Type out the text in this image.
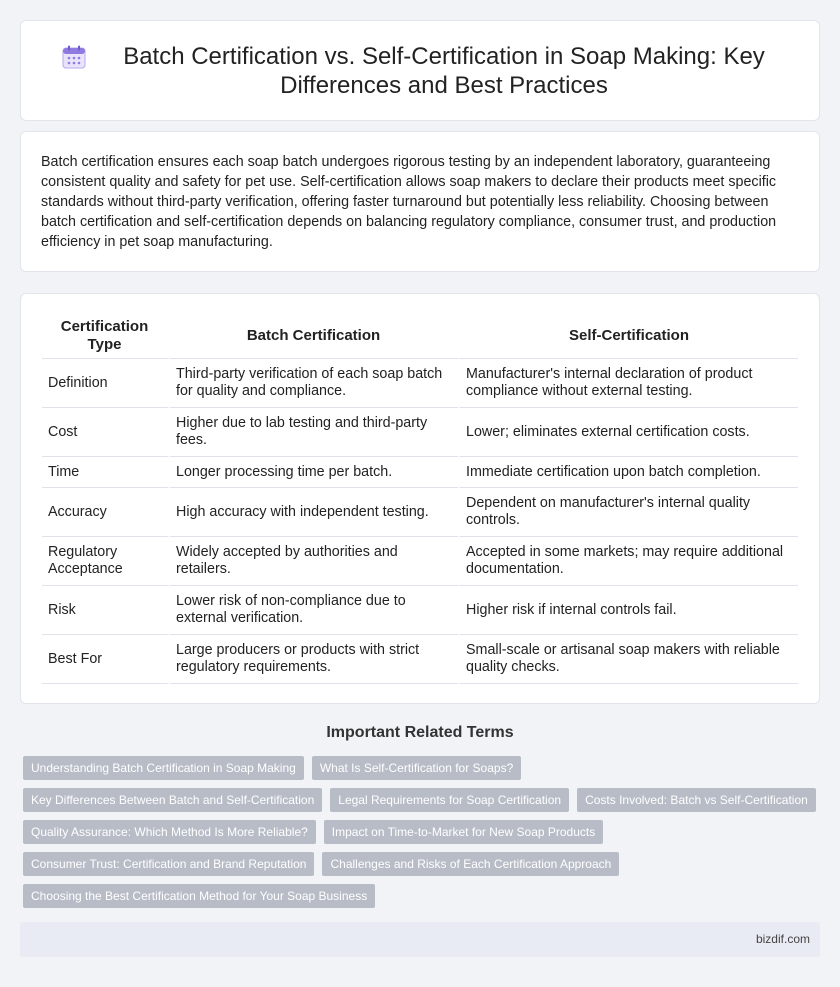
Batch Certification vs. Self-Certification in Soap Making: Key Differences and Best Practices

Batch certification ensures each soap batch undergoes rigorous testing by an independent laboratory, guaranteeing consistent quality and safety for pet use. Self-certification allows soap makers to declare their products meet specific standards without third-party verification, offering faster turnaround but potentially less reliability. Choosing between batch certification and self-certification depends on balancing regulatory compliance, consumer trust, and production efficiency in pet soap manufacturing.

Certification Type	Batch Certification	Self-Certification
Definition	Third-party verification of each soap batch for quality and compliance.	Manufacturer's internal declaration of product compliance without external testing.
Cost	Higher due to lab testing and third-party fees.	Lower; eliminates external certification costs.
Time	Longer processing time per batch.	Immediate certification upon batch completion.
Accuracy	High accuracy with independent testing.	Dependent on manufacturer's internal quality controls.
Regulatory Acceptance	Widely accepted by authorities and retailers.	Accepted in some markets; may require additional documentation.
Risk	Lower risk of non-compliance due to external verification.	Higher risk if internal controls fail.
Best For	Large producers or products with strict regulatory requirements.	Small-scale or artisanal soap makers with reliable quality checks.
Important Related Terms
Understanding Batch Certification in Soap Making	What Is Self-Certification for Soaps?
Key Differences Between Batch and Self-Certification	Legal Requirements for Soap Certification	Costs Involved: Batch vs Self-Certification
Quality Assurance: Which Method Is More Reliable?	Impact on Time-to-Market for New Soap Products
Consumer Trust: Certification and Brand Reputation	Challenges and Risks of Each Certification Approach
Choosing the Best Certification Method for Your Soap Business
bizdif.com
